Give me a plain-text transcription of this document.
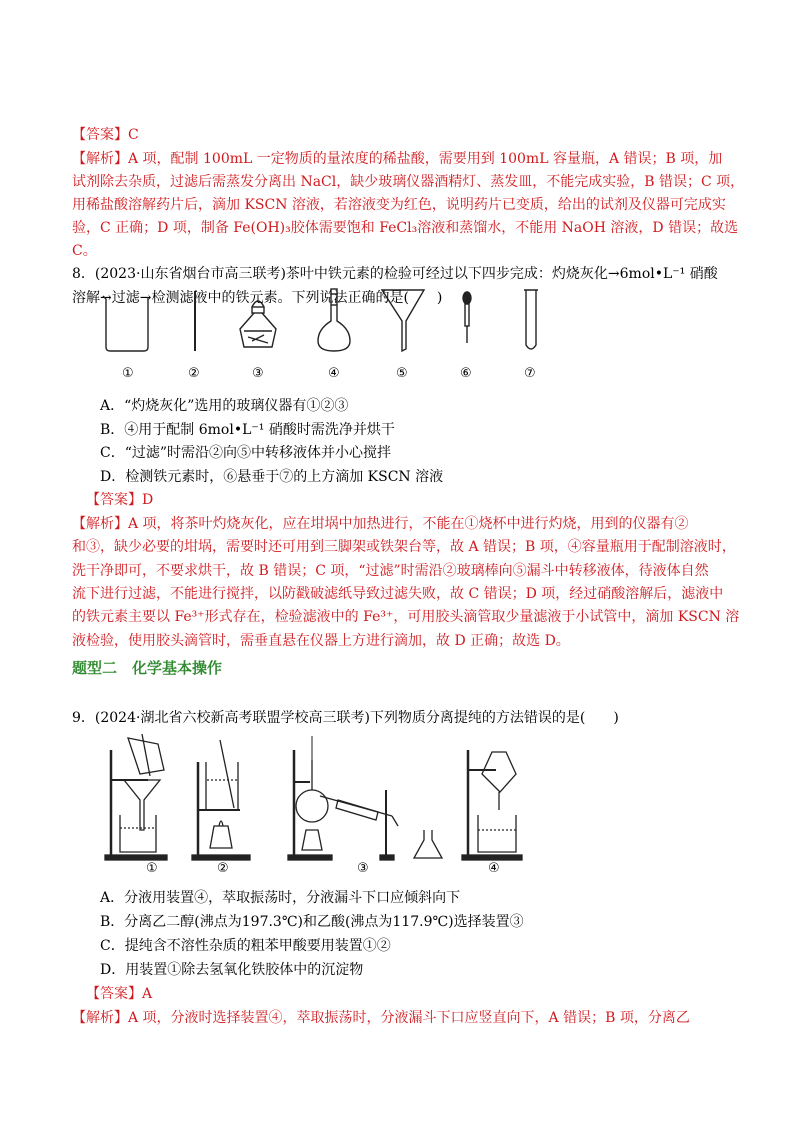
【答案】C
【解析】A 项，配制 100mL 一定物质的量浓度的稀盐酸，需要用到 100mL 容量瓶，A 错误；B 项，加
试剂除去杂质，过滤后需蒸发分离出 NaCl，缺少玻璃仪器酒精灯、蒸发皿，不能完成实验，B 错误；C 项，
用稀盐酸溶解药片后，滴加 KSCN 溶液，若溶液变为红色，说明药片已变质，给出的试剂及仪器可完成实
验，C 正确；D 项，制备 Fe(OH)₃胶体需要饱和 FeCl₃溶液和蒸馏水，不能用 NaOH 溶液，D 错误；故选
C。
8．(2023·山东省烟台市高三联考)茶叶中铁元素的检验可经过以下四步完成：灼烧灰化→6mol•L⁻¹ 硝酸
溶解→过滤→检测滤液中的铁元素。下列说法正确的是(　　)
①	②	③	④	⑤	⑥	⑦
A．“灼烧灰化”选用的玻璃仪器有①②③
B．④用于配制 6mol•L⁻¹ 硝酸时需洗净并烘干
C．“过滤”时需沿②向⑤中转移液体并小心搅拌
D．检测铁元素时，⑥悬垂于⑦的上方滴加 KSCN 溶液
【答案】D
【解析】A 项，将茶叶灼烧灰化，应在坩埚中加热进行，不能在①烧杯中进行灼烧，用到的仪器有②
和③，缺少必要的坩埚，需要时还可用到三脚架或铁架台等，故 A 错误；B 项，④容量瓶用于配制溶液时，
洗干净即可，不要求烘干，故 B 错误；C 项，“过滤”时需沿②玻璃棒向⑤漏斗中转移液体，待液体自然
流下进行过滤，不能进行搅拌，以防戳破滤纸导致过滤失败，故 C 错误；D 项，经过硝酸溶解后，滤液中
的铁元素主要以 Fe³⁺形式存在，检验滤液中的 Fe³⁺，可用胶头滴管取少量滤液于小试管中，滴加 KSCN 溶
液检验，使用胶头滴管时，需垂直悬在仪器上方进行滴加，故 D 正确；故选 D。
题型二　化学基本操作
9．(2024·湖北省六校新高考联盟学校高三联考)下列物质分离提纯的方法错误的是(　　)
①	②	③	④
A．分液用装置④，萃取振荡时，分液漏斗下口应倾斜向下
B．分离乙二醇(沸点为197.3℃)和乙酸(沸点为117.9℃)选择装置③
C．提纯含不溶性杂质的粗苯甲酸要用装置①②
D．用装置①除去氢氧化铁胶体中的沉淀物
【答案】A
【解析】A 项，分液时选择装置④，萃取振荡时，分液漏斗下口应竖直向下，A 错误；B 项，分离乙
